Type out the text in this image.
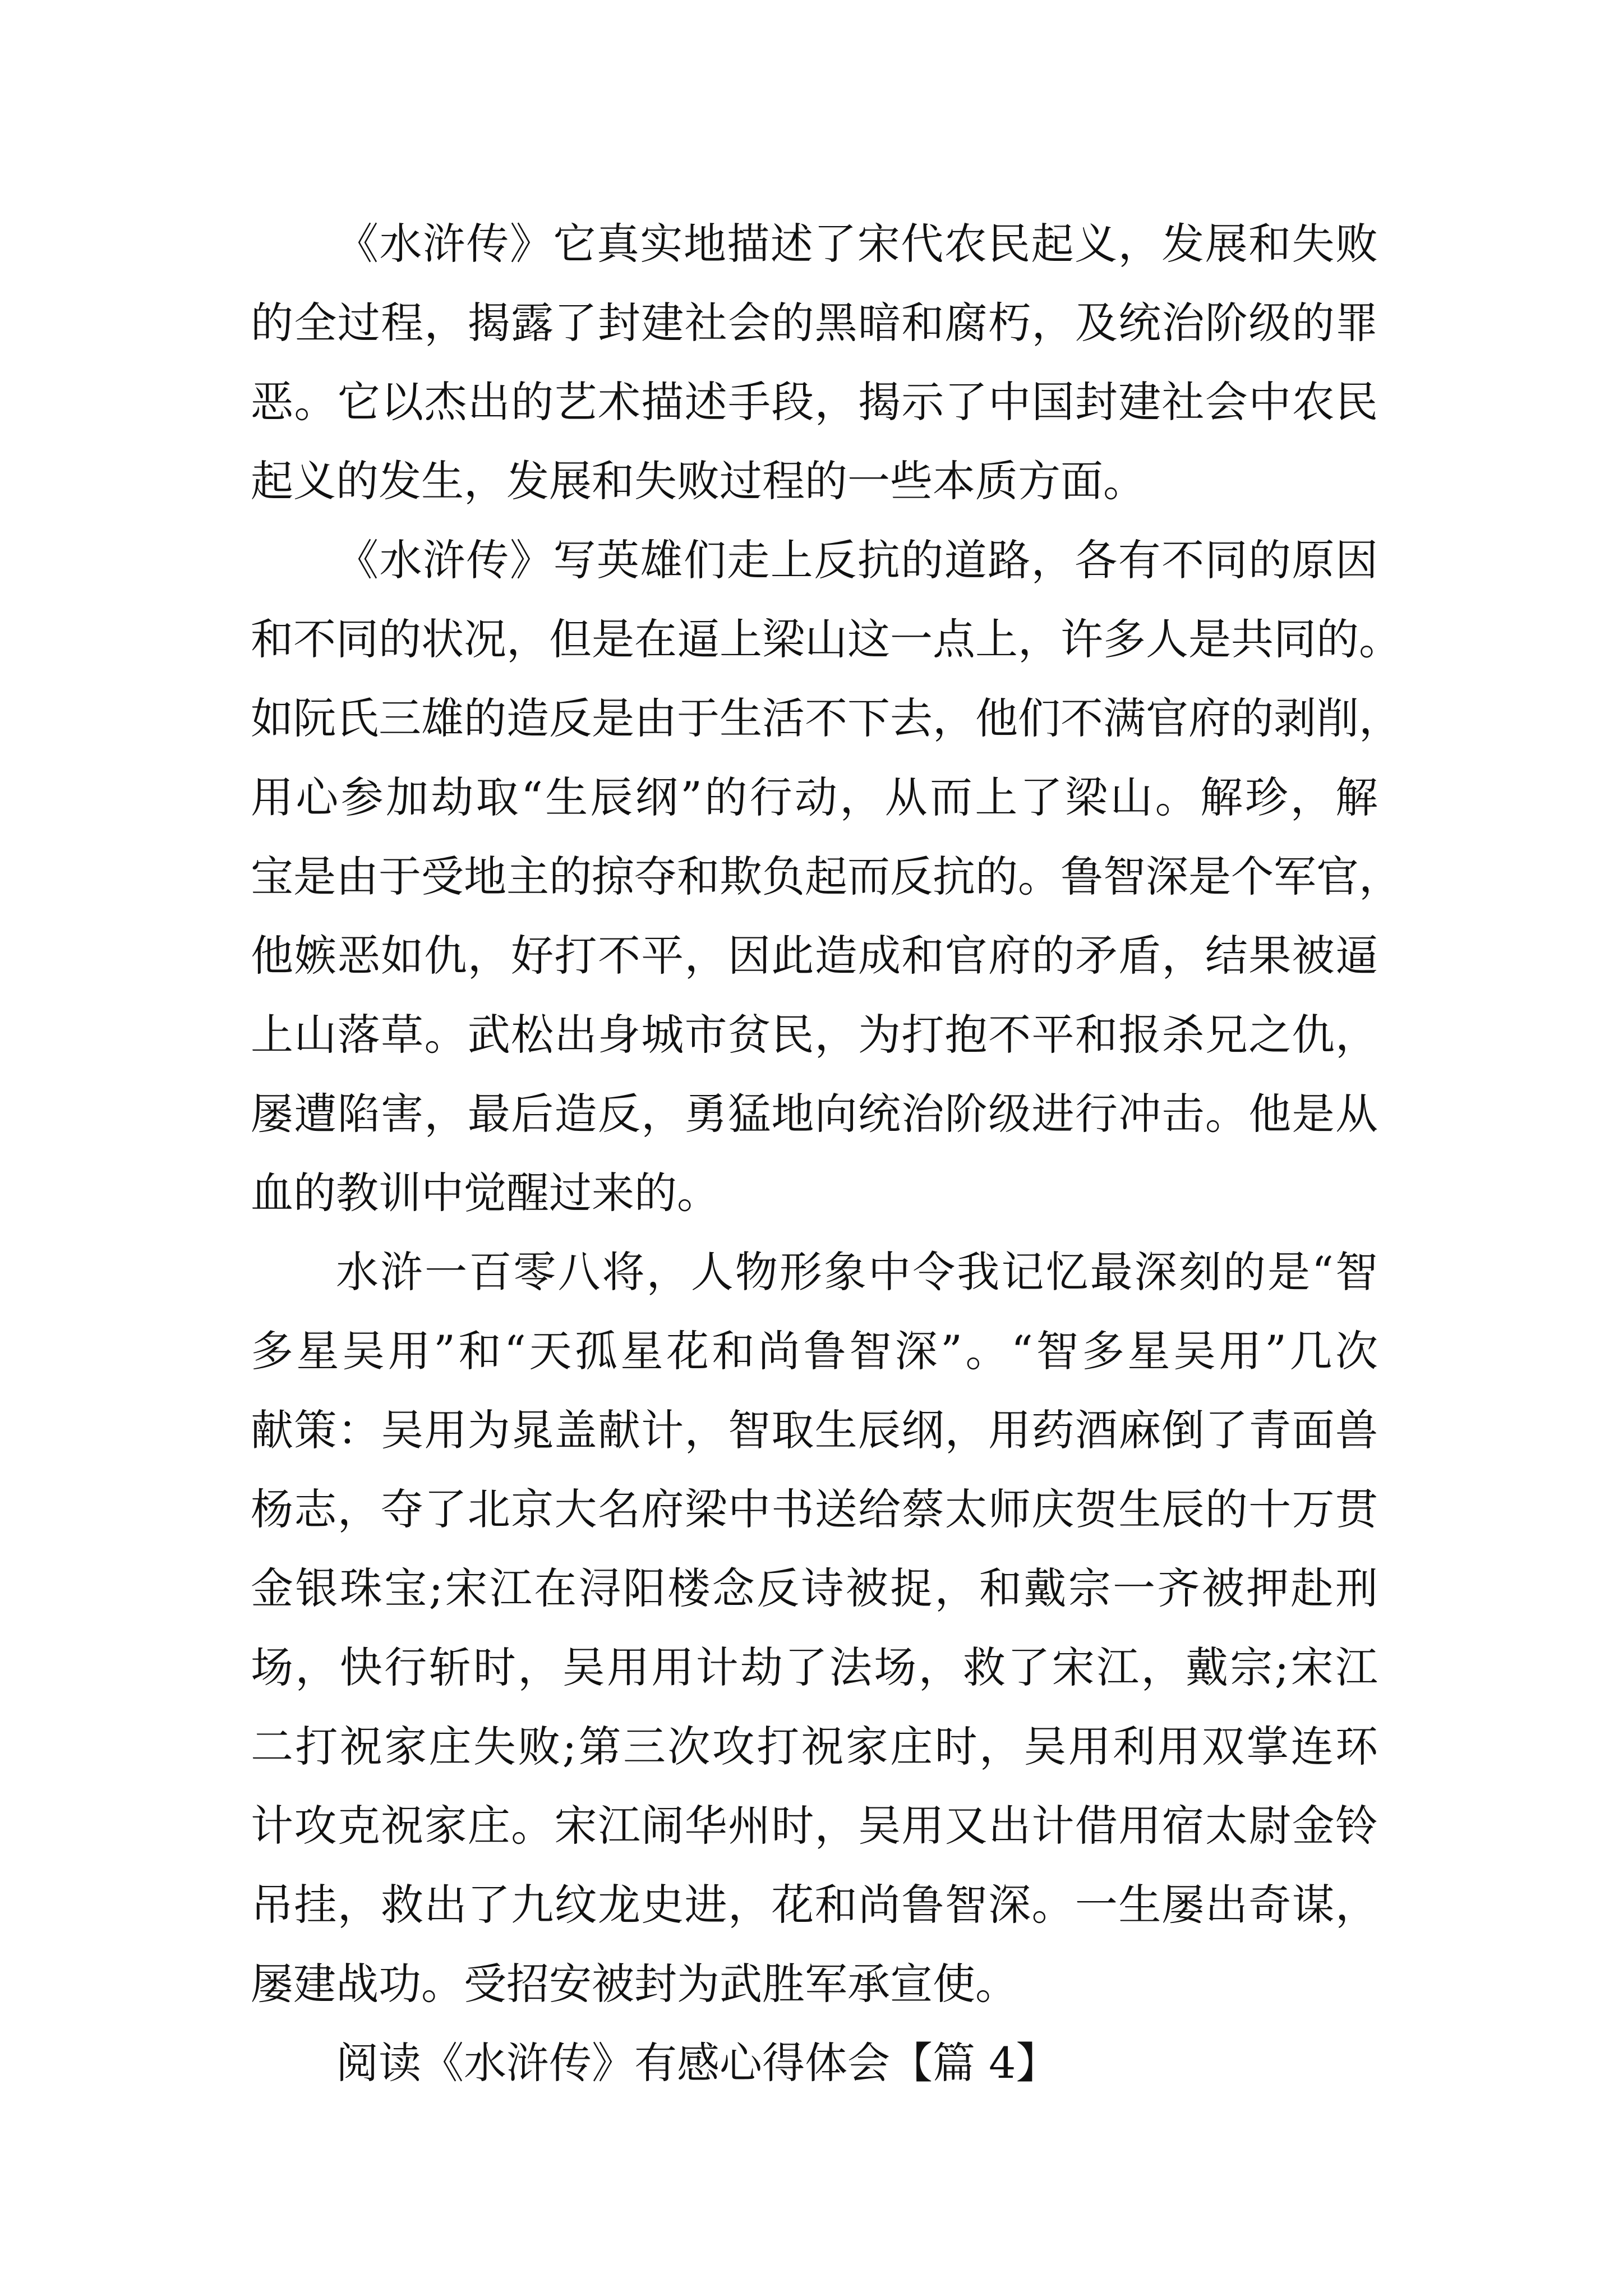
《水浒传》它真实地描述了宋代农民起义，发展和失败
的全过程，揭露了封建社会的黑暗和腐朽，及统治阶级的罪
恶。它以杰出的艺术描述手段，揭示了中国封建社会中农民
起义的发生，发展和失败过程的一些本质方面。
《水浒传》写英雄们走上反抗的道路，各有不同的原因
和不同的状况，但是在逼上梁山这一点上，许多人是共同的。
如阮氏三雄的造反是由于生活不下去，他们不满官府的剥削，
用心参加劫取“生辰纲”的行动，从而上了梁山。解珍，解
宝是由于受地主的掠夺和欺负起而反抗的。鲁智深是个军官，
他嫉恶如仇，好打不平，因此造成和官府的矛盾，结果被逼
上山落草。武松出身城市贫民，为打抱不平和报杀兄之仇，
屡遭陷害，最后造反，勇猛地向统治阶级进行冲击。他是从
血的教训中觉醒过来的。
水浒一百零八将，人物形象中令我记忆最深刻的是“智
多星吴用”和“天孤星花和尚鲁智深”。“智多星吴用”几次
献策：吴用为晁盖献计，智取生辰纲，用药酒麻倒了青面兽
杨志，夺了北京大名府梁中书送给蔡太师庆贺生辰的十万贯
金银珠宝;宋江在浔阳楼念反诗被捉，和戴宗一齐被押赴刑
场，快行斩时，吴用用计劫了法场，救了宋江，戴宗;宋江
二打祝家庄失败;第三次攻打祝家庄时，吴用利用双掌连环
计攻克祝家庄。宋江闹华州时，吴用又出计借用宿太尉金铃
吊挂，救出了九纹龙史进，花和尚鲁智深。一生屡出奇谋，
屡建战功。受招安被封为武胜军承宣使。
阅读《水浒传》有感心得体会【篇 4】
